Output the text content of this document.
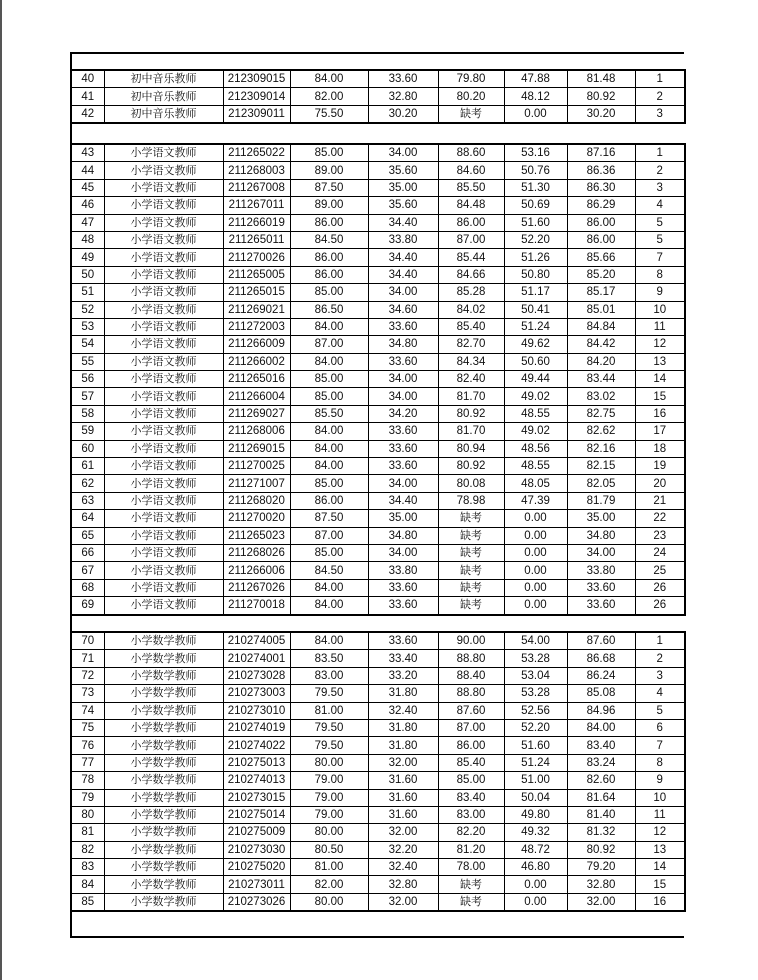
40	初中音乐教师	212309015	84.00	33.60	79.80	47.88	81.48	1
41	初中音乐教师	212309014	82.00	32.80	80.20	48.12	80.92	2
42	初中音乐教师	212309011	75.50	30.20	缺考	0.00	30.20	3
43	小学语文教师	211265022	85.00	34.00	88.60	53.16	87.16	1
44	小学语文教师	211268003	89.00	35.60	84.60	50.76	86.36	2
45	小学语文教师	211267008	87.50	35.00	85.50	51.30	86.30	3
46	小学语文教师	211267011	89.00	35.60	84.48	50.69	86.29	4
47	小学语文教师	211266019	86.00	34.40	86.00	51.60	86.00	5
48	小学语文教师	211265011	84.50	33.80	87.00	52.20	86.00	5
49	小学语文教师	211270026	86.00	34.40	85.44	51.26	85.66	7
50	小学语文教师	211265005	86.00	34.40	84.66	50.80	85.20	8
51	小学语文教师	211265015	85.00	34.00	85.28	51.17	85.17	9
52	小学语文教师	211269021	86.50	34.60	84.02	50.41	85.01	10
53	小学语文教师	211272003	84.00	33.60	85.40	51.24	84.84	11
54	小学语文教师	211266009	87.00	34.80	82.70	49.62	84.42	12
55	小学语文教师	211266002	84.00	33.60	84.34	50.60	84.20	13
56	小学语文教师	211265016	85.00	34.00	82.40	49.44	83.44	14
57	小学语文教师	211266004	85.00	34.00	81.70	49.02	83.02	15
58	小学语文教师	211269027	85.50	34.20	80.92	48.55	82.75	16
59	小学语文教师	211268006	84.00	33.60	81.70	49.02	82.62	17
60	小学语文教师	211269015	84.00	33.60	80.94	48.56	82.16	18
61	小学语文教师	211270025	84.00	33.60	80.92	48.55	82.15	19
62	小学语文教师	211271007	85.00	34.00	80.08	48.05	82.05	20
63	小学语文教师	211268020	86.00	34.40	78.98	47.39	81.79	21
64	小学语文教师	211270020	87.50	35.00	缺考	0.00	35.00	22
65	小学语文教师	211265023	87.00	34.80	缺考	0.00	34.80	23
66	小学语文教师	211268026	85.00	34.00	缺考	0.00	34.00	24
67	小学语文教师	211266006	84.50	33.80	缺考	0.00	33.80	25
68	小学语文教师	211267026	84.00	33.60	缺考	0.00	33.60	26
69	小学语文教师	211270018	84.00	33.60	缺考	0.00	33.60	26
70	小学数学教师	210274005	84.00	33.60	90.00	54.00	87.60	1
71	小学数学教师	210274001	83.50	33.40	88.80	53.28	86.68	2
72	小学数学教师	210273028	83.00	33.20	88.40	53.04	86.24	3
73	小学数学教师	210273003	79.50	31.80	88.80	53.28	85.08	4
74	小学数学教师	210273010	81.00	32.40	87.60	52.56	84.96	5
75	小学数学教师	210274019	79.50	31.80	87.00	52.20	84.00	6
76	小学数学教师	210274022	79.50	31.80	86.00	51.60	83.40	7
77	小学数学教师	210275013	80.00	32.00	85.40	51.24	83.24	8
78	小学数学教师	210274013	79.00	31.60	85.00	51.00	82.60	9
79	小学数学教师	210273015	79.00	31.60	83.40	50.04	81.64	10
80	小学数学教师	210275014	79.00	31.60	83.00	49.80	81.40	11
81	小学数学教师	210275009	80.00	32.00	82.20	49.32	81.32	12
82	小学数学教师	210273030	80.50	32.20	81.20	48.72	80.92	13
83	小学数学教师	210275020	81.00	32.40	78.00	46.80	79.20	14
84	小学数学教师	210273011	82.00	32.80	缺考	0.00	32.80	15
85	小学数学教师	210273026	80.00	32.00	缺考	0.00	32.00	16
